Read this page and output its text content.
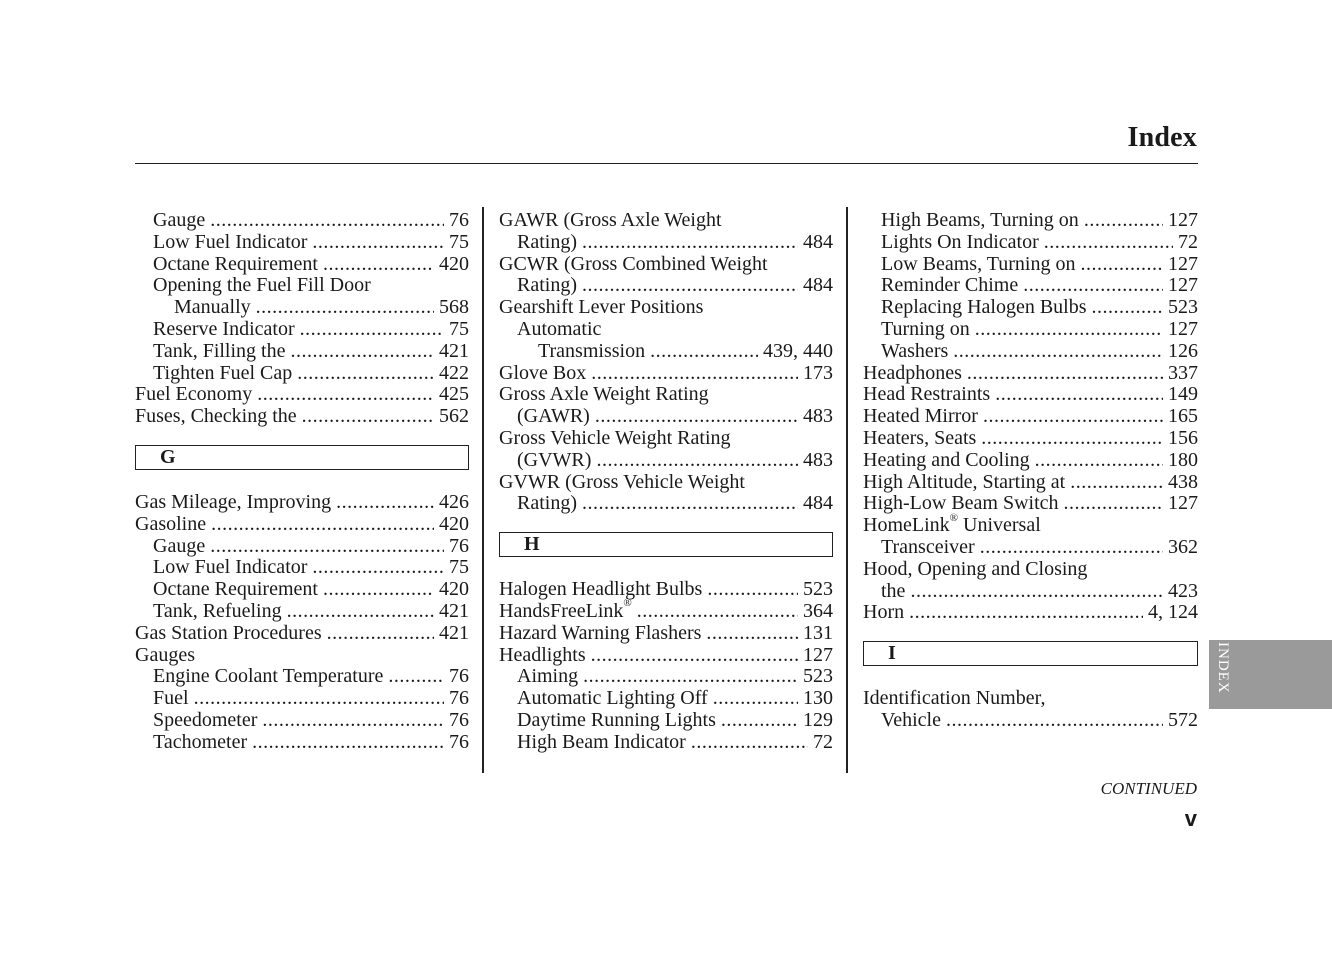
Index
Gauge .....	76
Low Fuel Indicator .....	75
Octane Requirement .....	420
Opening the Fuel Fill Door
Manually .....	568
Reserve Indicator .....	75
Tank, Filling the .....	421
Tighten Fuel Cap .....	422
Fuel Economy .....	425
Fuses, Checking the .....	562
G
Gas Mileage, Improving .....	426
Gasoline .....	420
Gauge .....	76
Low Fuel Indicator .....	75
Octane Requirement .....	420
Tank, Refueling .....	421
Gas Station Procedures .....	421
Gauges
Engine Coolant Temperature .....	76
Fuel .....	76
Speedometer .....	76
Tachometer .....	76
GAWR (Gross Axle Weight
Rating) .....	484
GCWR (Gross Combined Weight
Rating) .....	484
Gearshift Lever Positions
Automatic
Transmission .....	439, 440
Glove Box .....	173
Gross Axle Weight Rating
(GAWR) .....	483
Gross Vehicle Weight Rating
(GVWR) .....	483
GVWR (Gross Vehicle Weight
Rating) .....	484
H
Halogen Headlight Bulbs .....	523
HandsFreeLink® .....	364
Hazard Warning Flashers .....	131
Headlights .....	127
Aiming .....	523
Automatic Lighting Off .....	130
Daytime Running Lights .....	129
High Beam Indicator .....	72
High Beams, Turning on .....	127
Lights On Indicator .....	72
Low Beams, Turning on .....	127
Reminder Chime .....	127
Replacing Halogen Bulbs .....	523
Turning on .....	127
Washers .....	126
Headphones .....	337
Head Restraints .....	149
Heated Mirror .....	165
Heaters, Seats .....	156
Heating and Cooling .....	180
High Altitude, Starting at .....	438
High-Low Beam Switch .....	127
HomeLink® Universal
Transceiver .....	362
Hood, Opening and Closing
the .....	423
Horn .....	4, 124
I
Identification Number,
Vehicle .....	572
INDEX
CONTINUED
v
